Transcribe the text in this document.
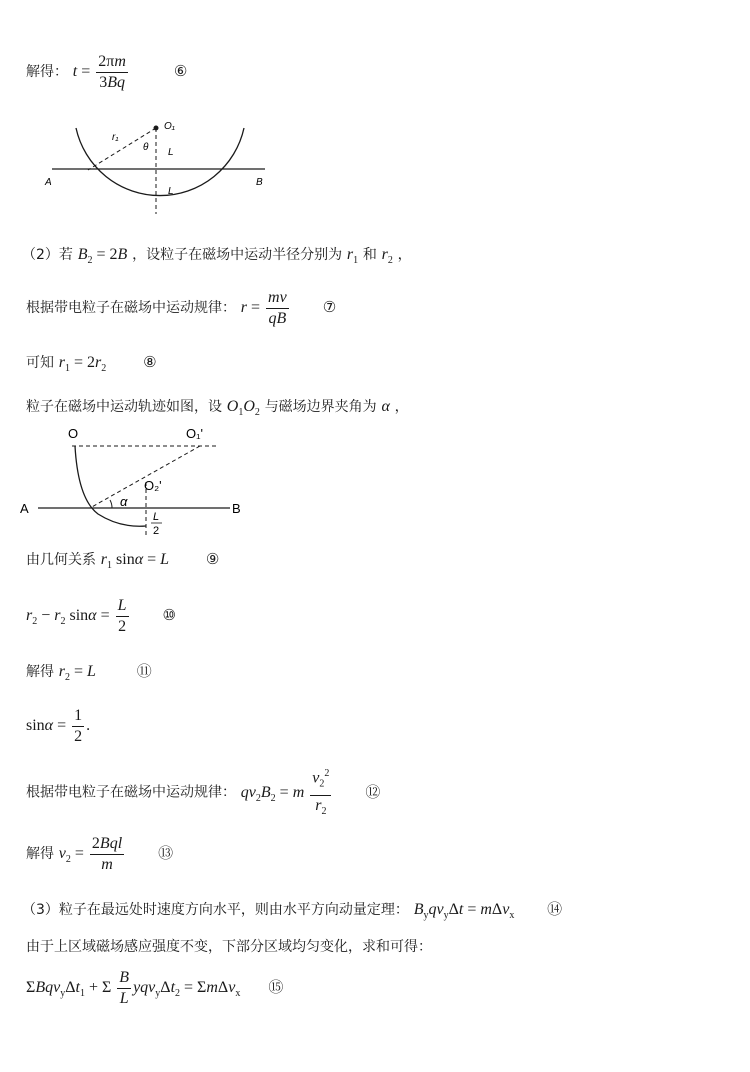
解得： $t = \frac{2\pi m}{3Bq}$	⑥
r₁
O₁
θ L
L
A	B
（2）若 $B_2 = 2B$ ，设粒子在磁场中运动半径分别为 $r_1$ 和 $r_2$ ，
根据带电粒子在磁场中运动规律： $r = \frac{mv}{qB}$ ⑦
可知 $r_1 = 2r_2$ ⑧
粒子在磁场中运动轨迹如图，设 $O_1O_2$ 与磁场边界夹角为 α ，
O	O₁'
O₂'
α
L
2
A	B
由几何关系 $r_1$ sinα = L ⑨
$r_2 - r_2$ $\sin\alpha = \frac{L}{2}$ ⑩
解得 $r_2 = L$	⑪
$\sin\alpha = \frac{1}{2}$ .
根据带电粒子在磁场中运动规律： $qv_2B_2 = m \frac{v_2^2}{r_2}$ ⑫
解得 $v_2 = \frac{\text{2Bql}}{m}$ ⑬
（3）粒子在最远处时速度方向水平，则由水平方向动量定理： $B_yqv_y\Delta t = m\Delta v_x$ ⑭
由于上区域磁场感应强度不变，下部分区域均匀变化，求和可得：
$\Sigma Bqv_y\Delta t_1 + \Sigma \frac{B}{L} yqv_y\Delta t_2 = \Sigma m\Delta v_x$ ⑮
